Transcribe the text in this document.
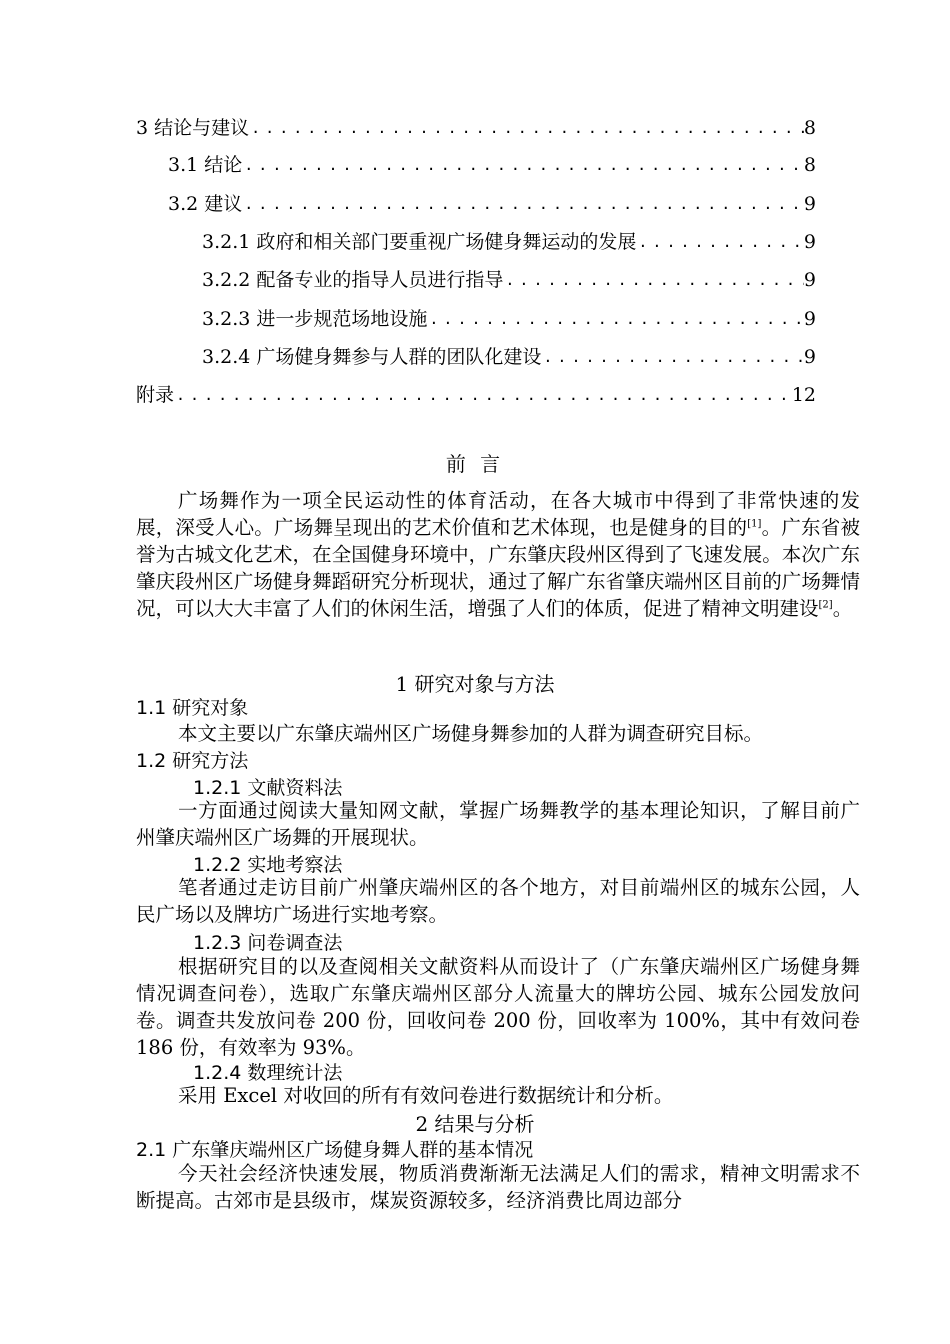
3 结论与建议 .....	8
3.1 结论 .....	8
3.2 建议 .....	9
3.2.1 政府和相关部门要重视广场健身舞运动的发展 .....	9
3.2.2 配备专业的指导人员进行指导 .....	9
3.2.3 进一步规范场地设施 .....	9
3.2.4 广场健身舞参与人群的团队化建设 .....	9
附录 .....	12
前 言
广场舞作为一项全民运动性的体育活动，在各大城市中得到了非常快速的发展，深受人心。广场舞呈现出的艺术价值和艺术体现，也是健身的目的[1]。广东省被誉为古城文化艺术，在全国健身环境中，广东肇庆段州区得到了飞速发展。本次广东肇庆段州区广场健身舞蹈研究分析现状，通过了解广东省肇庆端州区目前的广场舞情况，可以大大丰富了人们的休闲生活，增强了人们的体质，促进了精神文明建设[2]。
1 研究对象与方法
1.1 研究对象
本文主要以广东肇庆端州区广场健身舞参加的人群为调查研究目标。
1.2 研究方法
1.2.1 文献资料法
一方面通过阅读大量知网文献，掌握广场舞教学的基本理论知识，了解目前广州肇庆端州区广场舞的开展现状。
1.2.2 实地考察法
笔者通过走访目前广州肇庆端州区的各个地方，对目前端州区的城东公园，人民广场以及牌坊广场进行实地考察。
1.2.3 问卷调查法
根据研究目的以及查阅相关文献资料从而设计了（广东肇庆端州区广场健身舞情况调查问卷），选取广东肇庆端州区部分人流量大的牌坊公园、城东公园发放问卷。调查共发放问卷 200 份，回收问卷 200 份，回收率为 100%，其中有效问卷 186 份，有效率为 93%。
1.2.4 数理统计法
采用 Excel 对收回的所有有效问卷进行数据统计和分析。
2 结果与分析
2.1 广东肇庆端州区广场健身舞人群的基本情况
今天社会经济快速发展，物质消费渐渐无法满足人们的需求，精神文明需求不断提高。古郊市是县级市，煤炭资源较多，经济消费比周边部分
